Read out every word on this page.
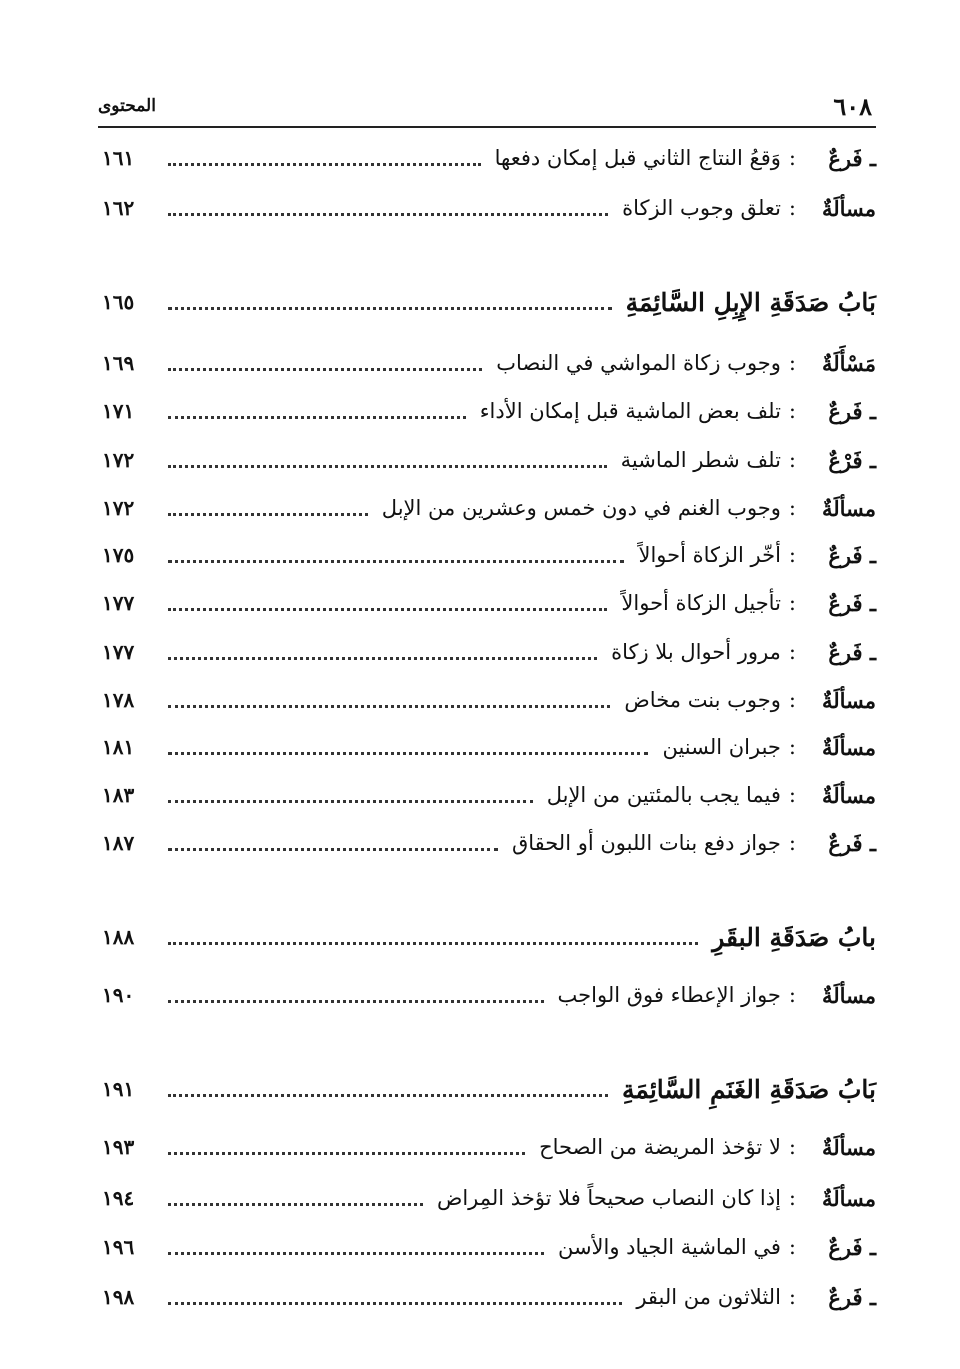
٦٠٨
المحتوى
ـ فَرعٌ
:
وَقعُ النتاج الثاني قبل إمكان دفعها
١٦١
مسألَةٌ
:
تعلق وجوب الزكاة
١٦٢
بَابُ صَدَقَةِ الإِبِلِ السَّائِمَةِ
١٦٥
مَسْأَلَةٌ
:
وجوب زكاة المواشي في النصاب
١٦٩
ـ فَرعٌ
:
تلف بعض الماشية قبل إمكان الأداء
١٧١
ـ فَرْعٌ
:
تلف شطر الماشية
١٧٢
مسألَةٌ
:
وجوب الغنم في دون خمس وعشرين من الإبل
١٧٢
ـ فَرعٌ
:
أخّر الزكاة أحوالاً
١٧٥
ـ فَرعٌ
:
تأجيل الزكاة أحوالاً
١٧٧
ـ فَرعٌ
:
مرور أحوال بلا زكاة
١٧٧
مسألَةٌ
:
وجوب بنت مخاض
١٧٨
مسألَةٌ
:
جبران السنين
١٨١
مسألَةٌ
:
فيما يجب بالمئتين من الإبل
١٨٣
ـ فَرعٌ
:
جواز دفع بنات اللبون أو الحقاق
١٨٧
بابُ صَدَقَةِ البقَرِ
١٨٨
مسألَةٌ
:
جواز الإعطاء فوق الواجب
١٩٠
بَابُ صَدَقَةِ الغَنَمِ السَّائِمَةِ
١٩١
مسألَةٌ
:
لا تؤخذ المريضة من الصحاح
١٩٣
مسألَةٌ
:
إذا كان النصاب صحيحاً فلا تؤخذ المِراض
١٩٤
ـ فَرعٌ
:
في الماشية الجياد والأسن
١٩٦
ـ فَرعٌ
:
الثلاثون من البقر
١٩٨
